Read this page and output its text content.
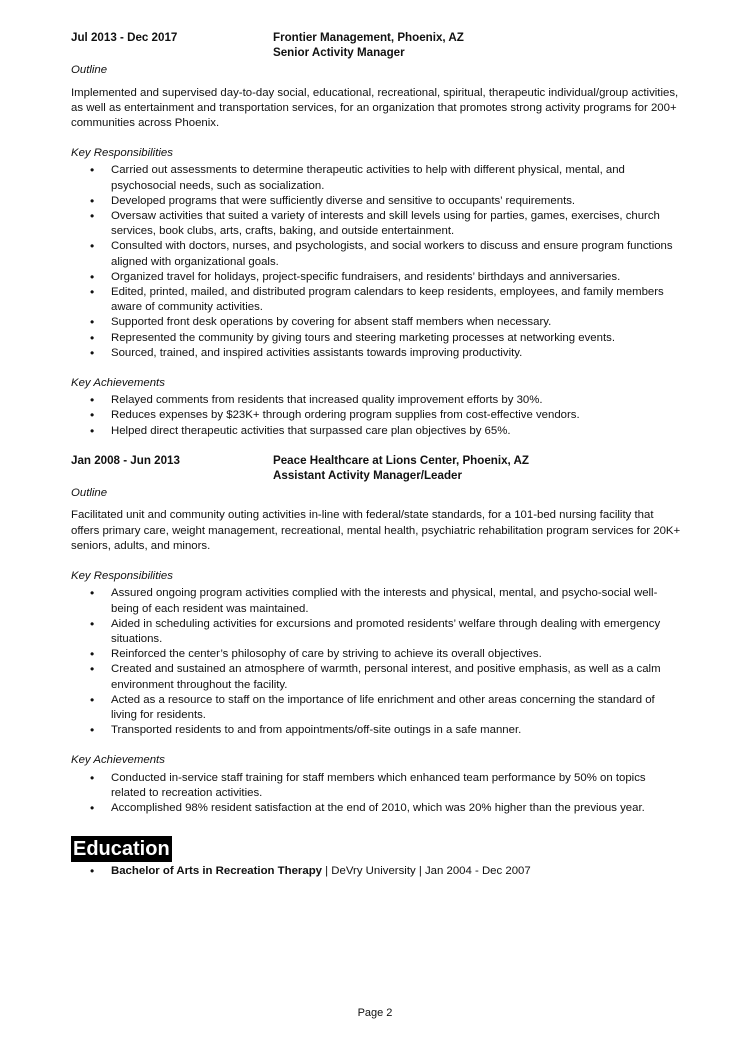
Jul 2013 - Dec 2017	Frontier Management, Phoenix, AZ
Senior Activity Manager
Outline
Implemented and supervised day-to-day social, educational, recreational, spiritual, therapeutic individual/group activities, as well as entertainment and transportation services, for an organization that promotes strong activity programs for 200+ communities across Phoenix.
Key Responsibilities
• Carried out assessments to determine therapeutic activities to help with different physical, mental, and psychosocial needs, such as socialization.
• Developed programs that were sufficiently diverse and sensitive to occupants’ requirements.
• Oversaw activities that suited a variety of interests and skill levels using for parties, games, exercises, church services, book clubs, arts, crafts, baking, and outside entertainment.
• Consulted with doctors, nurses, and psychologists, and social workers to discuss and ensure program functions aligned with organizational goals.
• Organized travel for holidays, project-specific fundraisers, and residents’ birthdays and anniversaries.
• Edited, printed, mailed, and distributed program calendars to keep residents, employees, and family members aware of community activities.
• Supported front desk operations by covering for absent staff members when necessary.
• Represented the community by giving tours and steering marketing processes at networking events.
• Sourced, trained, and inspired activities assistants towards improving productivity.
Key Achievements
• Relayed comments from residents that increased quality improvement efforts by 30%.
• Reduces expenses by $23K+ through ordering program supplies from cost-effective vendors.
• Helped direct therapeutic activities that surpassed care plan objectives by 65%.
Jan 2008 - Jun 2013	Peace Healthcare at Lions Center, Phoenix, AZ
Assistant Activity Manager/Leader
Outline
Facilitated unit and community outing activities in-line with federal/state standards, for a 101-bed nursing facility that offers primary care, weight management, recreational, mental health, psychiatric rehabilitation program services for 20K+ seniors, adults, and minors.
Key Responsibilities
• Assured ongoing program activities complied with the interests and physical, mental, and psycho-social well-being of each resident was maintained.
• Aided in scheduling activities for excursions and promoted residents’ welfare through dealing with emergency situations.
• Reinforced the center’s philosophy of care by striving to achieve its overall objectives.
• Created and sustained an atmosphere of warmth, personal interest, and positive emphasis, as well as a calm environment throughout the facility.
• Acted as a resource to staff on the importance of life enrichment and other areas concerning the standard of living for residents.
• Transported residents to and from appointments/off-site outings in a safe manner.
Key Achievements
• Conducted in-service staff training for staff members which enhanced team performance by 50% on topics related to recreation activities.
• Accomplished 98% resident satisfaction at the end of 2010, which was 20% higher than the previous year.
Education
• Bachelor of Arts in Recreation Therapy | DeVry University | Jan 2004 - Dec 2007
Page 2
